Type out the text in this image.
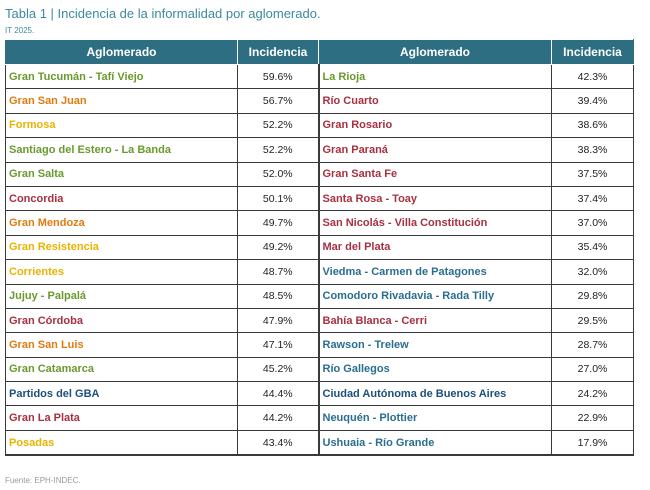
Tabla 1 | Incidencia de la informalidad por aglomerado.
IT 2025.
Aglomerado	Incidencia	Aglomerado	Incidencia
Gran Tucumán - Tafí Viejo	59.6%	La Rioja	42.3%
Gran San Juan	56.7%	Río Cuarto	39.4%
Formosa	52.2%	Gran Rosario	38.6%
Santiago del Estero - La Banda	52.2%	Gran Paraná	38.3%
Gran Salta	52.0%	Gran Santa Fe	37.5%
Concordia	50.1%	Santa Rosa - Toay	37.4%
Gran Mendoza	49.7%	San Nicolás - Villa Constitución	37.0%
Gran Resistencia	49.2%	Mar del Plata	35.4%
Corrientes	48.7%	Viedma - Carmen de Patagones	32.0%
Jujuy - Palpalá	48.5%	Comodoro Rivadavia - Rada Tilly	29.8%
Gran Córdoba	47.9%	Bahía Blanca - Cerri	29.5%
Gran San Luis	47.1%	Rawson - Trelew	28.7%
Gran Catamarca	45.2%	Río Gallegos	27.0%
Partidos del GBA	44.4%	Ciudad Autónoma de Buenos Aires	24.2%
Gran La Plata	44.2%	Neuquén - Plottier	22.9%
Posadas	43.4%	Ushuaia - Río Grande	17.9%
Fuente: EPH-INDEC.
